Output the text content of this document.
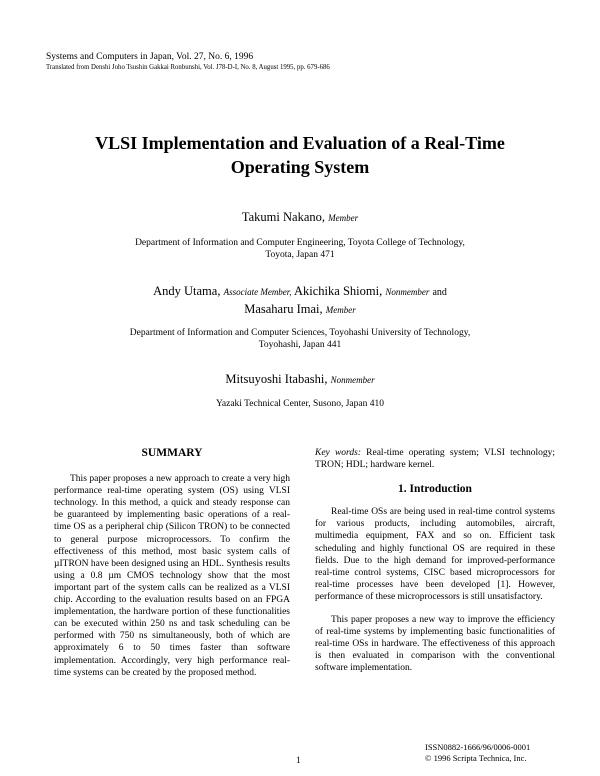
Systems and Computers in Japan, Vol. 27, No. 6, 1996
Translated from Denshi Joho Tsushin Gakkai Ronbunshi, Vol. J78-D-I, No. 8, August 1995, pp. 679-686
VLSI Implementation and Evaluation of a Real-Time
Operating System
Takumi Nakano, Member
Department of Information and Computer Engineering, Toyota College of Technology,
Toyota, Japan 471
Andy Utama, Associate Member, Akichika Shiomi, Nonmember and
Masaharu Imai, Member
Department of Information and Computer Sciences, Toyohashi University of Technology,
Toyohashi, Japan 441
Mitsuyoshi Itabashi, Nonmember
Yazaki Technical Center, Susono, Japan 410
SUMMARY

This paper proposes a new approach to create a very high performance real-time operating system (OS) using VLSI technology. In this method, a quick and steady response can be guaranteed by implementing basic operations of a real-time OS as a peripheral chip (Silicon TRON) to be connected to general purpose microprocessors. To confirm the effectiveness of this method, most basic system calls of µITRON have been designed using an HDL. Synthesis results using a 0.8 µm CMOS technology show that the most important part of the system calls can be realized as a VLSI chip. According to the evaluation results based on an FPGA implementation, the hardware portion of these functionalities can be executed within 250 ns and task scheduling can be performed with 750 ns simultaneously, both of which are approximately 6 to 50 times faster than software implementation. Accordingly, very high performance real-time systems can be created by the proposed method.

Key words: Real-time operating system; VLSI technology; TRON; HDL; hardware kernel.

1. Introduction

Real-time OSs are being used in real-time control systems for various products, including automobiles, aircraft, multimedia equipment, FAX and so on. Efficient task scheduling and highly functional OS are required in these fields. Due to the high demand for improved-performance real-time control systems, CISC based microprocessors for real-time processes have been developed [1]. However, performance of these microprocessors is still unsatisfactory.

This paper proposes a new way to improve the efficiency of real-time systems by implementing basic functionalities of real-time OSs in hardware. The effectiveness of this approach is then evaluated in comparison with the conventional software implementation.

1
ISSN0882-1666/96/0006-0001
© 1996 Scripta Technica, Inc.
